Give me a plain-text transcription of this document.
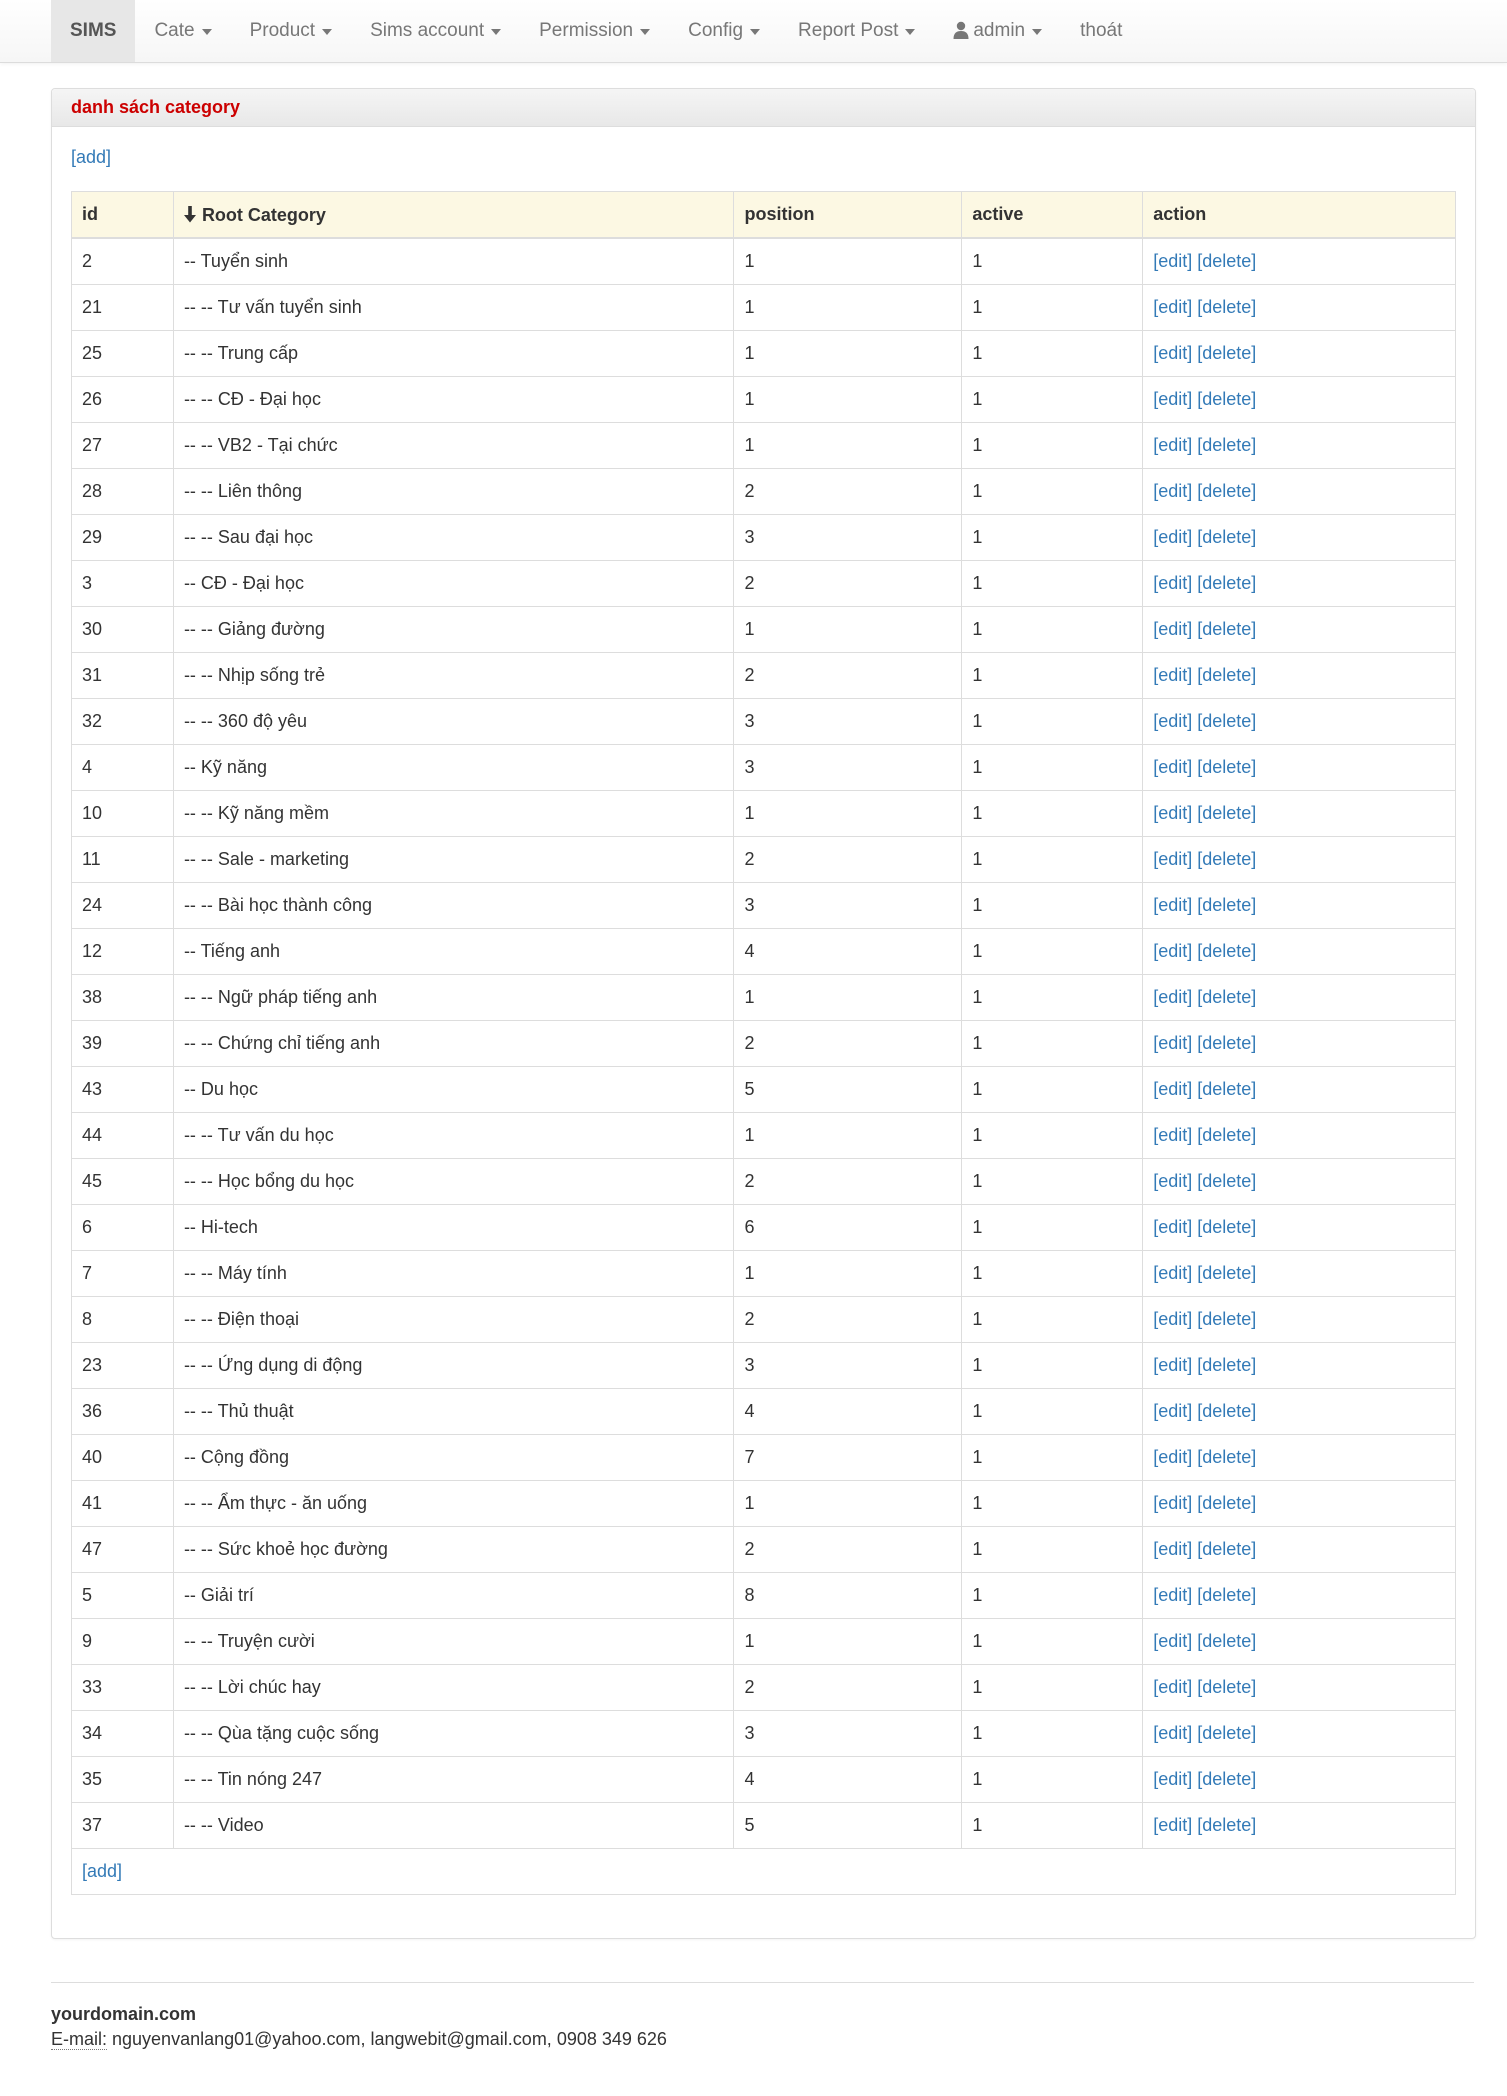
SIMS Cate	Product	Sims account	Permission	Config	Report Post	admin	thoát
danh sách category
[add]
id	Root Category	position	active	action
2	-- Tuyển sinh	1	1	[edit] [delete]
21	-- -- Tư vấn tuyển sinh	1	1	[edit] [delete]
25	-- -- Trung cấp	1	1	[edit] [delete]
26	-- -- CĐ - Đại học	1	1	[edit] [delete]
27	-- -- VB2 - Tại chức	1	1	[edit] [delete]
28	-- -- Liên thông	2	1	[edit] [delete]
29	-- -- Sau đại học	3	1	[edit] [delete]
3	-- CĐ - Đại học	2	1	[edit] [delete]
30	-- -- Giảng đường	1	1	[edit] [delete]
31	-- -- Nhịp sống trẻ	2	1	[edit] [delete]
32	-- -- 360 độ yêu	3	1	[edit] [delete]
4	-- Kỹ năng	3	1	[edit] [delete]
10	-- -- Kỹ năng mềm	1	1	[edit] [delete]
11	-- -- Sale - marketing	2	1	[edit] [delete]
24	-- -- Bài học thành công	3	1	[edit] [delete]
12	-- Tiếng anh	4	1	[edit] [delete]
38	-- -- Ngữ pháp tiếng anh	1	1	[edit] [delete]
39	-- -- Chứng chỉ tiếng anh	2	1	[edit] [delete]
43	-- Du học	5	1	[edit] [delete]
44	-- -- Tư vấn du học	1	1	[edit] [delete]
45	-- -- Học bổng du học	2	1	[edit] [delete]
6	-- Hi-tech	6	1	[edit] [delete]
7	-- -- Máy tính	1	1	[edit] [delete]
8	-- -- Điện thoại	2	1	[edit] [delete]
23	-- -- Ứng dụng di động	3	1	[edit] [delete]
36	-- -- Thủ thuật	4	1	[edit] [delete]
40	-- Cộng đồng	7	1	[edit] [delete]
41	-- -- Ẩm thực - ăn uống	1	1	[edit] [delete]
47	-- -- Sức khoẻ học đường	2	1	[edit] [delete]
5	-- Giải trí	8	1	[edit] [delete]
9	-- -- Truyện cười	1	1	[edit] [delete]
33	-- -- Lời chúc hay	2	1	[edit] [delete]
34	-- -- Qùa tặng cuộc sống	3	1	[edit] [delete]
35	-- -- Tin nóng 247	4	1	[edit] [delete]
37	-- -- Video	5	1	[edit] [delete]
[add]				
yourdomain.com
E-mail: nguyenvanlang01@yahoo.com, langwebit@gmail.com, 0908 349 626
